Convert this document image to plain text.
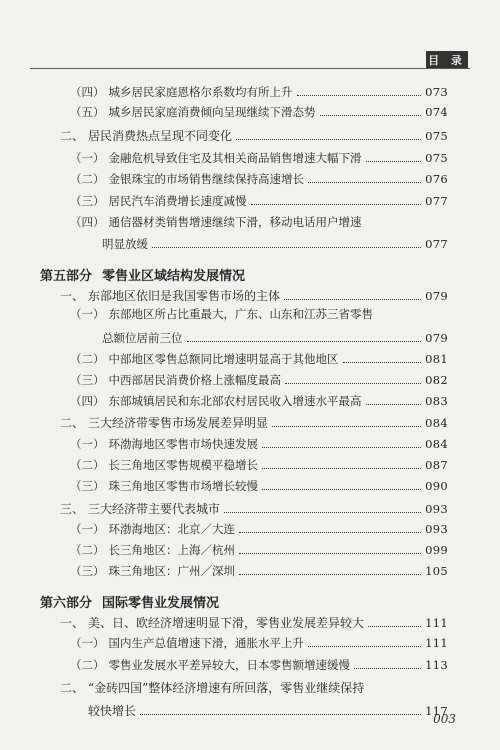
目 录
（四） 城乡居民家庭恩格尔系数均有所上升	073
（五） 城乡居民家庭消费倾向呈现继续下滑态势	074
二、 居民消费热点呈现不同变化	075
（一） 金融危机导致住宅及其相关商品销售增速大幅下滑	075
（二） 金银珠宝的市场销售继续保持高速增长	076
（三） 居民汽车消费增长速度减慢	077
（四） 通信器材类销售增速继续下滑，移动电话用户增速
明显放缓	077
第五部分 零售业区域结构发展情况
一、 东部地区依旧是我国零售市场的主体	079
（一） 东部地区所占比重最大，广东、山东和江苏三省零售
总额位居前三位	079
（二） 中部地区零售总额同比增速明显高于其他地区	081
（三） 中西部居民消费价格上涨幅度最高	082
（四） 东部城镇居民和东北部农村居民收入增速水平最高	083
二、 三大经济带零售市场发展差异明显	084
（一） 环渤海地区零售市场快速发展	084
（二） 长三角地区零售规模平稳增长	087
（三） 珠三角地区零售市场增长较慢	090
三、 三大经济带主要代表城市	093
（一） 环渤海地区：北京／大连	093
（二） 长三角地区：上海／杭州	099
（三） 珠三角地区：广州／深圳	105
第六部分 国际零售业发展情况
一、 美、日、欧经济增速明显下滑，零售业发展差异较大	111
（一） 国内生产总值增速下滑，通胀水平上升	111
（二） 零售业发展水平差异较大，日本零售额增速缓慢	113
二、 “金砖四国”整体经济增速有所回落，零售业继续保持
较快增长	117
003
